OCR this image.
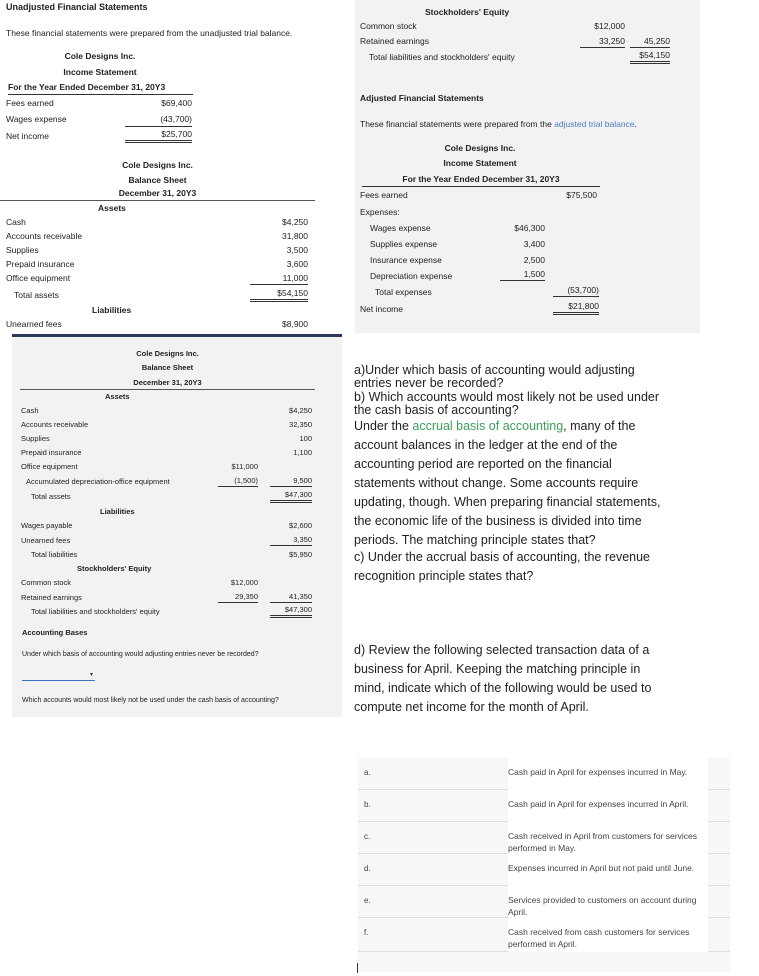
Unadjusted Financial Statements
These financial statements were prepared from the unadjusted trial balance.
Cole Designs Inc.
Income Statement
For the Year Ended December 31, 20Y3
Fees earned	$69,400
Wages expense	(43,700)
Net income	$25,700
Cole Designs Inc.
Balance Sheet
December 31, 20Y3
Assets
Cash	$4,250
Accounts receivable	31,800
Supplies	3,500
Prepaid insurance	3,600
Office equipment	11,000
Total assets	$54,150
Liabilities
Unearned fees	$8,900
Stockholders' Equity
Common stock	$12,000
Retained earnings	33,250	45,250
Total liabilities and stockholders' equity	$54,150
Adjusted Financial Statements
These financial statements were prepared from the adjusted trial balance.
Cole Designs Inc.
Income Statement
For the Year Ended December 31, 20Y3
Fees earned	$75,500
Expenses:
Wages expense	$46,300
Supplies expense	3,400
Insurance expense	2,500
Depreciation expense	1,500
Total expenses	(53,700)
Net income	$21,800
Cole Designs Inc.
Balance Sheet
December 31, 20Y3
Assets
Cash	$4,250
Accounts receivable	32,350
Supplies	100
Prepaid insurance	1,100
Office equipment	$11,000
Accumulated depreciation-office equipment	(1,500)	9,500
Total assets	$47,300
Liabilities
Wages payable	$2,600
Unearned fees	3,350
Total liabilities	$5,950
Stockholders' Equity
Common stock	$12,000
Retained earnings	29,350	41,350
Total liabilities and stockholders' equity	$47,300
Accounting Bases
Under which basis of accounting would adjusting entries never be recorded?
▾
Which accounts would most likely not be used under the cash basis of accounting?
a)Under which basis of accounting would adjusting entries never be recorded?
b) Which accounts would most likely not be used under the cash basis of accounting?
Under the accrual basis of accounting, many of the account balances in the ledger at the end of the accounting period are reported on the financial statements without change. Some accounts require updating, though. When preparing financial statements, the economic life of the business is divided into time periods. The matching principle states that?
c) Under the accrual basis of accounting, the revenue recognition principle states that?
d) Review the following selected transaction data of a business for April. Keeping the matching principle in mind, indicate which of the following would be used to compute net income for the month of April.
a.	Cash paid in April for expenses incurred in May.
b.	Cash paid in April for expenses incurred in April.
c.	Cash received in April from customers for services performed in May.
d.	Expenses incurred in April but not paid until June.
e.	Services provided to customers on account during April.
f.	Cash received from cash customers for services performed in April.
